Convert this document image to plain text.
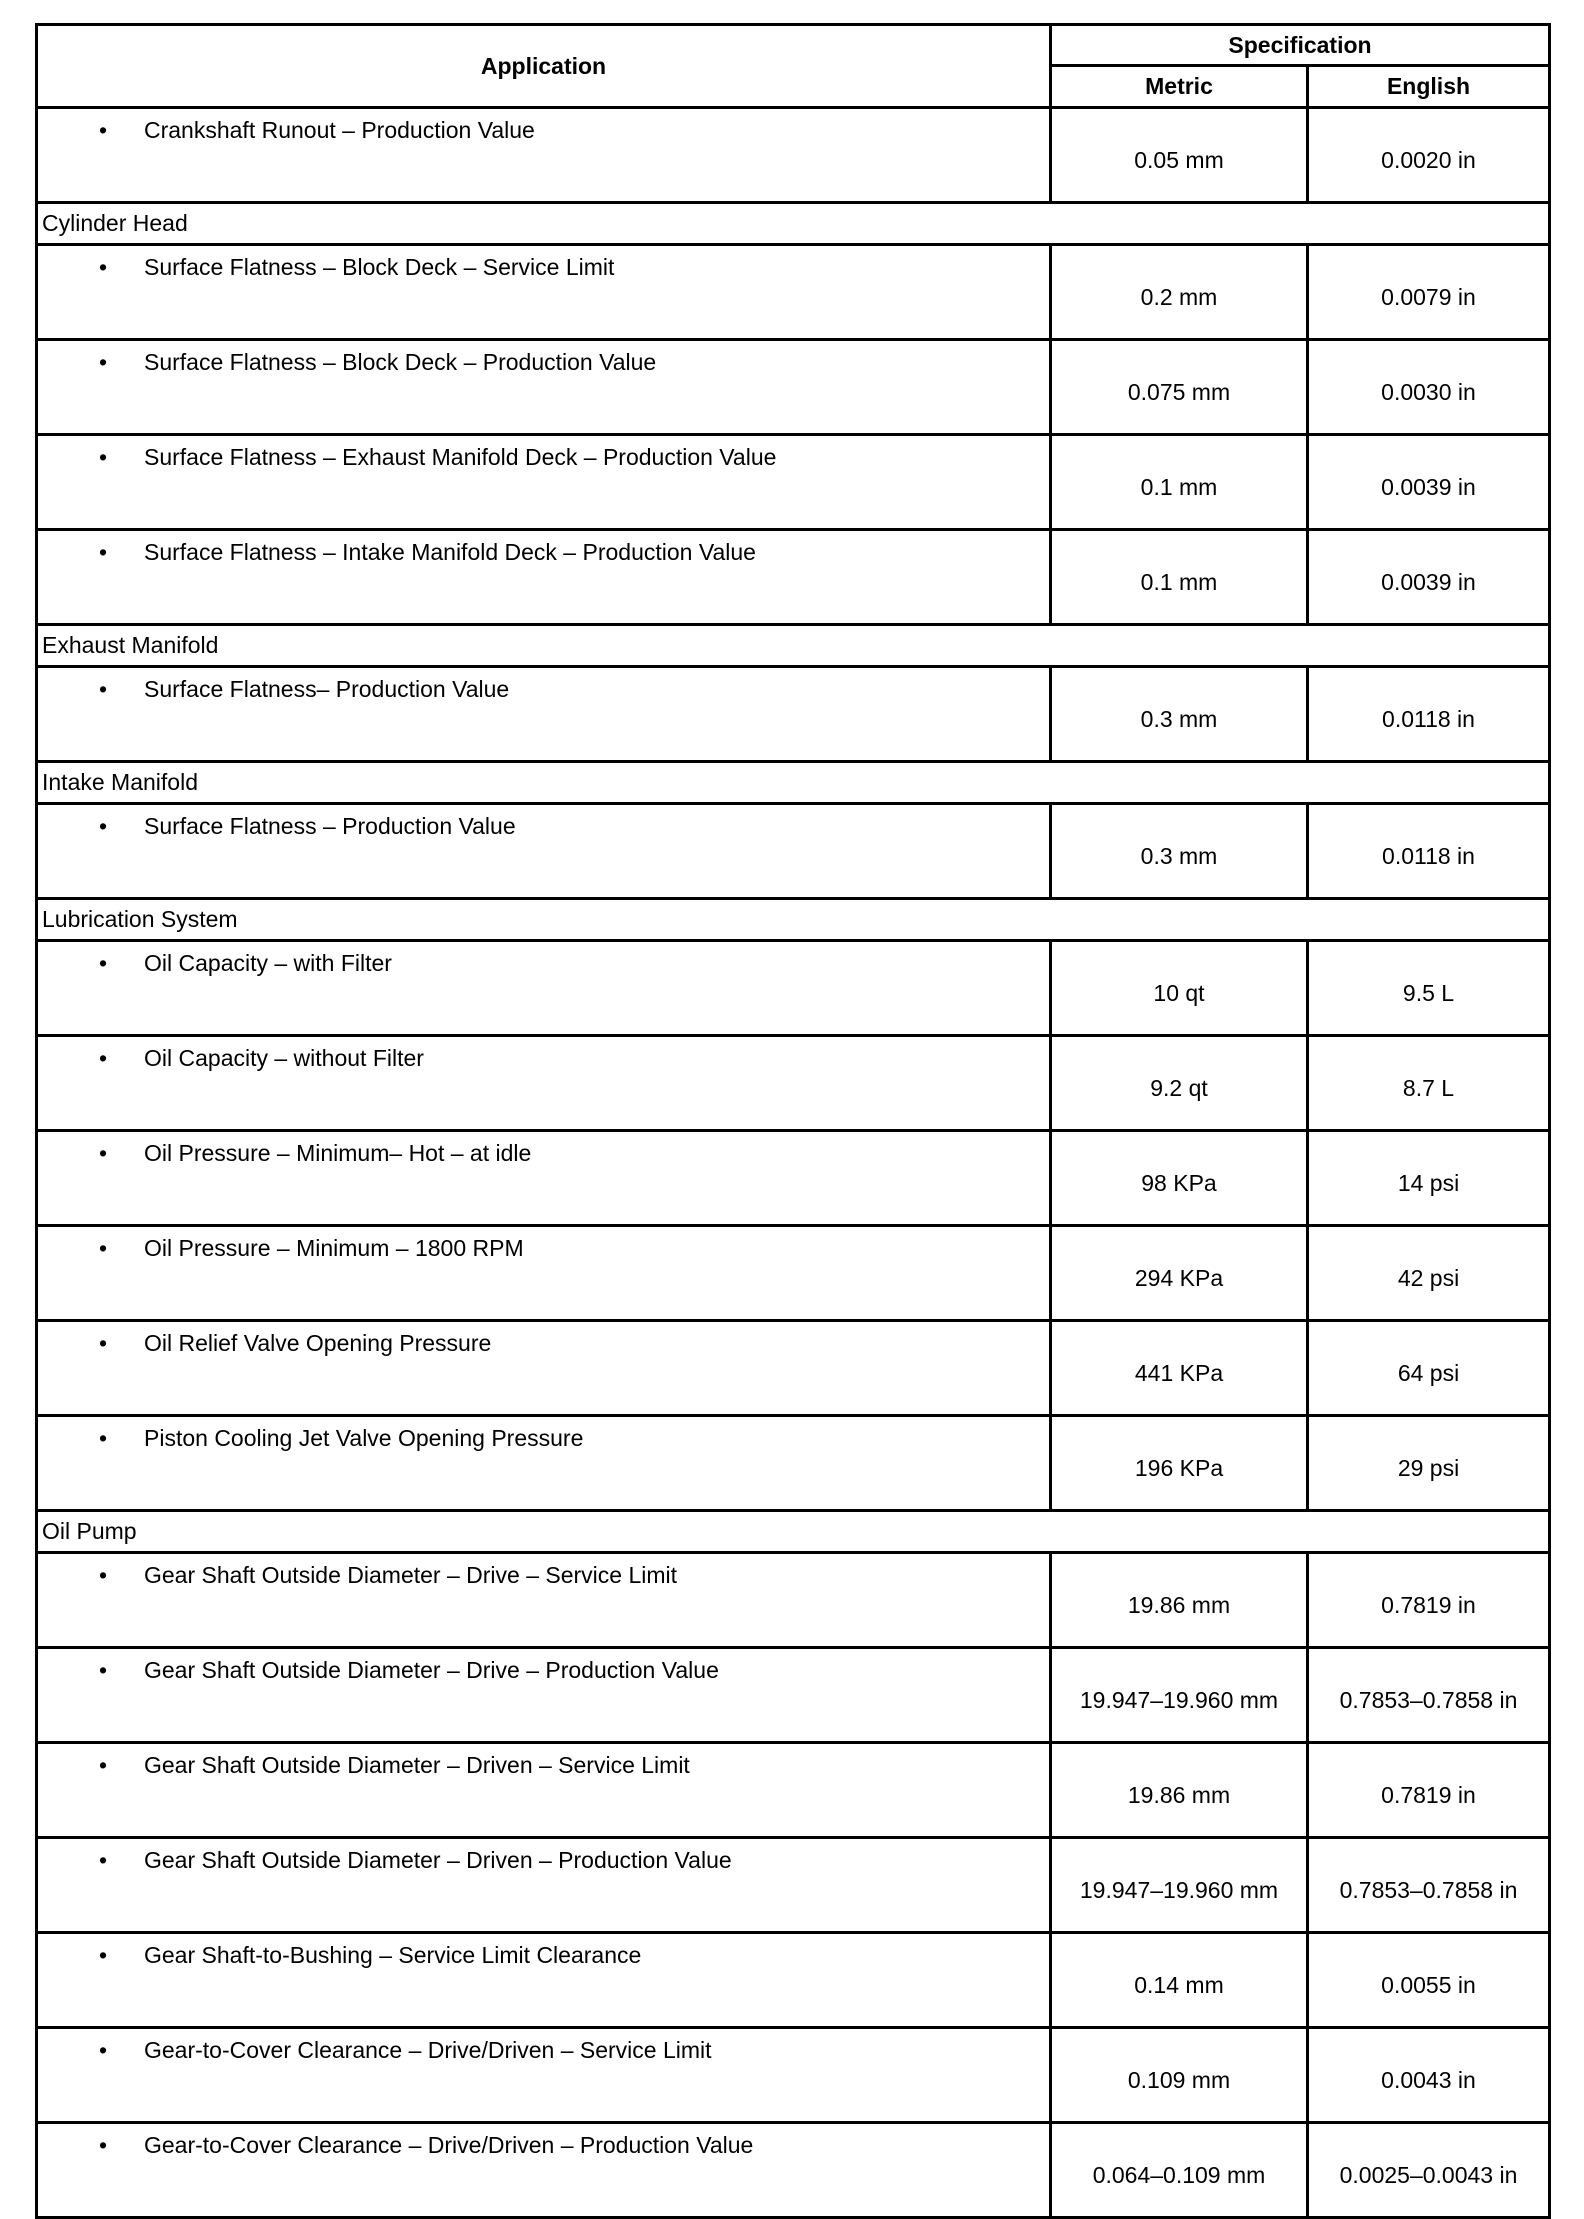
Application	Specification	
	Metric	English

• Crankshaft Runout – Production Value	0.05 mm	0.0020 in
Cylinder Head		

• Surface Flatness – Block Deck – Service Limit	0.2 mm	0.0079 in

• Surface Flatness – Block Deck – Production Value	0.075 mm	0.0030 in

• Surface Flatness – Exhaust Manifold Deck – Production Value	0.1 mm	0.0039 in

• Surface Flatness – Intake Manifold Deck – Production Value	0.1 mm	0.0039 in
Exhaust Manifold		

• Surface Flatness– Production Value	0.3 mm	0.0118 in
Intake Manifold		

• Surface Flatness – Production Value	0.3 mm	0.0118 in
Lubrication System		

• Oil Capacity – with Filter	10 qt	9.5 L

• Oil Capacity – without Filter	9.2 qt	8.7 L

• Oil Pressure – Minimum– Hot – at idle	98 KPa	14 psi

• Oil Pressure – Minimum – 1800 RPM	294 KPa	42 psi

• Oil Relief Valve Opening Pressure	441 KPa	64 psi

• Piston Cooling Jet Valve Opening Pressure	196 KPa	29 psi
Oil Pump		

• Gear Shaft Outside Diameter – Drive – Service Limit	19.86 mm	0.7819 in

• Gear Shaft Outside Diameter – Drive – Production Value	19.947–19.960 mm	0.7853–0.7858 in

• Gear Shaft Outside Diameter – Driven – Service Limit	19.86 mm	0.7819 in

• Gear Shaft Outside Diameter – Driven – Production Value	19.947–19.960 mm	0.7853–0.7858 in

• Gear Shaft-to-Bushing – Service Limit Clearance	0.14 mm	0.0055 in

• Gear-to-Cover Clearance – Drive/Driven – Service Limit	0.109 mm	0.0043 in

• Gear-to-Cover Clearance – Drive/Driven – Production Value	0.064–0.109 mm	0.0025–0.0043 in
